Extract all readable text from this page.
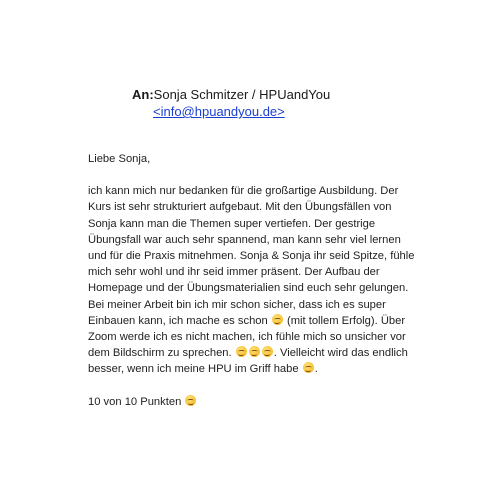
An:Sonja Schmitzer / HPUandYou
<info@hpuandyou.de>

Liebe Sonja,

ich kann mich nur bedanken für die großartige Ausbildung. Der

Kurs ist sehr strukturiert aufgebaut. Mit den Übungsfällen von

Sonja kann man die Themen super vertiefen. Der gestrige

Übungsfall war auch sehr spannend, man kann sehr viel lernen

und für die Praxis mitnehmen. Sonja & Sonja ihr seid Spitze, fühle

mich sehr wohl und ihr seid immer präsent. Der Aufbau der

Homepage und der Übungsmaterialien sind euch sehr gelungen.

Bei meiner Arbeit bin ich mir schon sicher, dass ich es super

Einbauen kann, ich mache es schon (mit tollem Erfolg). Über

Zoom werde ich es nicht machen, ich fühle mich so unsicher vor

dem Bildschirm zu sprechen.	. Vielleicht wird das endlich

besser, wenn ich meine HPU im Griff habe .

10 von 10 Punkten
